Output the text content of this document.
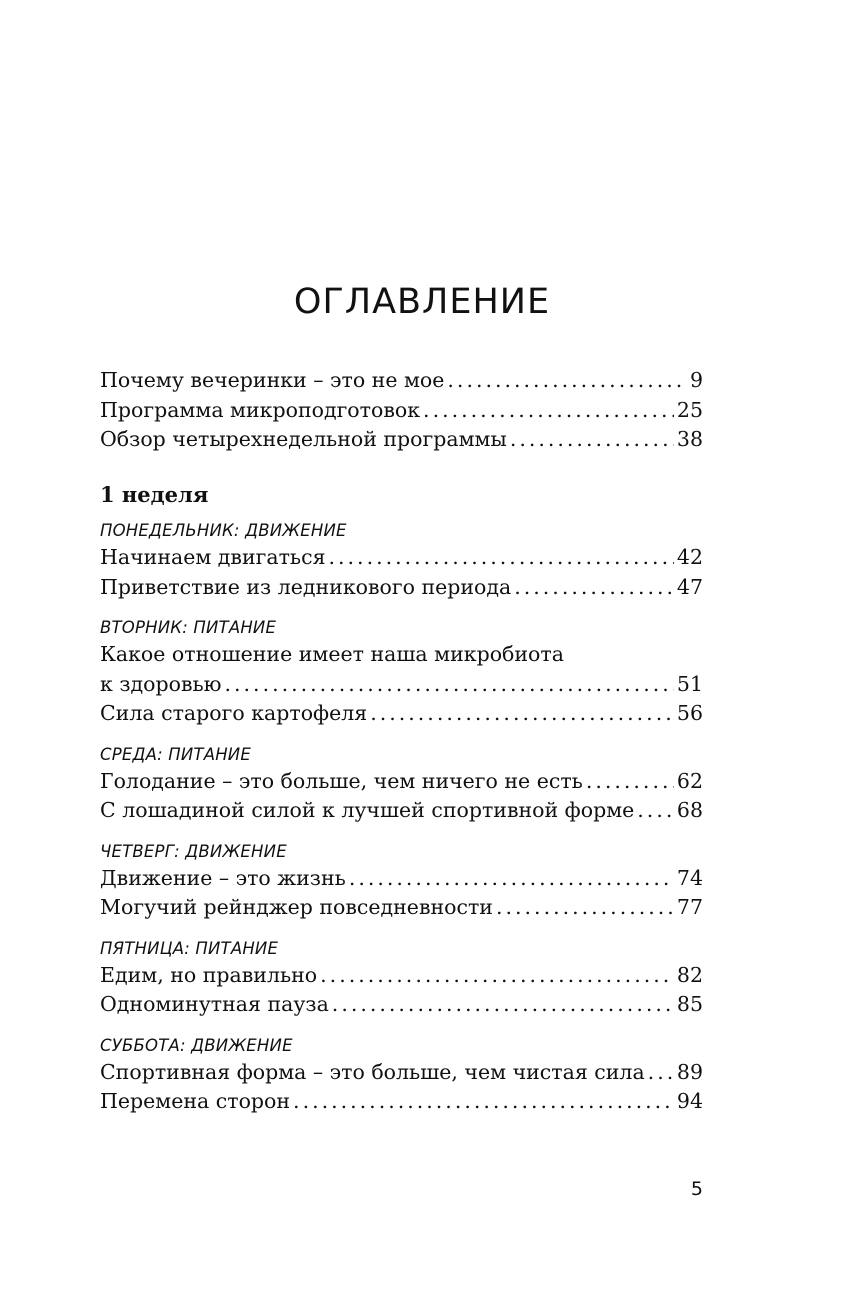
ОГЛАВЛЕНИЕ
Почему вечеринки – это не мое .....	9
Программа микроподготовок .....	25
Обзор четырехнедельной программы .....	38
1 неделя
ПОНЕДЕЛЬНИК: ДВИЖЕНИЕ
Начинаем двигаться .....	42
Приветствие из ледникового периода .....	47
ВТОРНИК: ПИТАНИЕ
Какое отношение имеет наша микробиота
к здоровью .....	51
Сила старого картофеля .....	56
СРЕДА: ПИТАНИЕ
Голодание – это больше, чем ничего не есть .....	62
С лошадиной силой к лучшей спортивной форме ..... 68
ЧЕТВЕРГ: ДВИЖЕНИЕ
Движение – это жизнь .....	74
Могучий рейнджер повседневности .....	77
ПЯТНИЦА: ПИТАНИЕ
Едим, но правильно .....	82
Одноминутная пауза .....	85
СУББОТА: ДВИЖЕНИЕ
Спортивная форма – это больше, чем чистая сила ..... 89
Перемена сторон .....	94
5
